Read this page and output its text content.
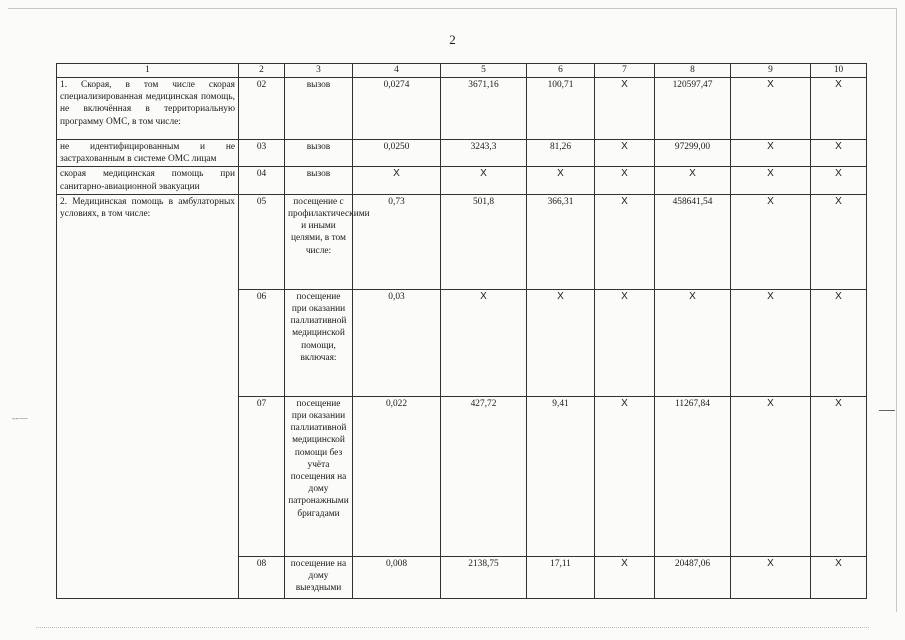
2
- - —
1	2	3	4	5	6	7	8	9	10
1. Скорая, в том числе скорая специализированная медицинская помощь, не включённая в территориальную программу ОМС, в том числе:	02	вызов	0,0274	3671,16	100,71	X	120597,47	X	X
не идентифицированным и не застрахованным в системе ОМС лицам	03	вызов	0,0250	3243,3	81,26	X	97299,00	X	X
скорая медицинская помощь при санитарно-авиационной эвакуации	04	вызов	X	X	X	X	X	X	X
2. Медицинская помощь в амбулаторных условиях, в том числе:	05	посещение с профилактическими и иными целями, в том числе:	0,73	501,8	366,31	X	458641,54	X	X
	06	посещение при оказании паллиативной медицинской помощи, включая:	0,03	X	X	X	X	X	X
	07	посещение при оказании паллиативной медицинской помощи без учёта посещения на дому патронажными бригадами	0,022	427,72	9,41	X	11267,84	X	X
	08	посещение на дому выездными	0,008	2138,75	17,11	X	20487,06	X	X
